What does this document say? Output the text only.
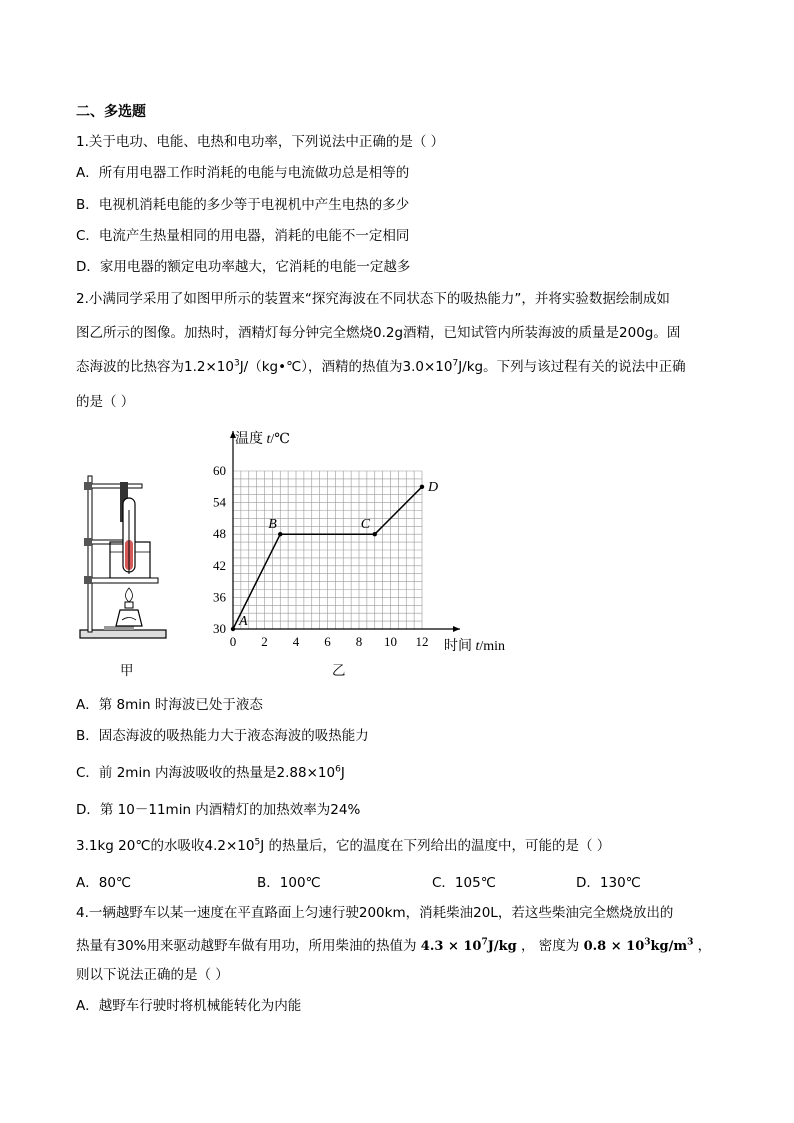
二、多选题
1.关于电功、电能、电热和电功率，下列说法中正确的是（ ）
A．所有用电器工作时消耗的电能与电流做功总是相等的
B．电视机消耗电能的多少等于电视机中产生电热的多少
C．电流产生热量相同的用电器，消耗的电能不一定相同
D．家用电器的额定电功率越大，它消耗的电能一定越多
2.小满同学采用了如图甲所示的装置来“探究海波在不同状态下的吸热能力”，并将实验数据绘制成如
图乙所示的图像。加热时，酒精灯每分钟完全燃烧0.2g酒精，已知试管内所装海波的质量是200g。固
态海波的比热容为$1.2\times 10^3J/(kg•℃)$，酒精的热值为$3.0\times 10^7J/kg$。下列与该过程有关的说法中正确
的是（ ）
甲
0 2 4 6 8 10 12
36
42
48
54
60
30
温度 t/℃
时间 t/min
A
B	C
D
乙
A．第 8min 时海波已处于液态
B．固态海波的吸热能力大于液态海波的吸热能力
C．前 2min 内海波吸收的热量是$2.88\times 10^6J$
D．第 10－11min 内酒精灯的加热效率为24%
3.1kg 20℃的水吸收$4.2\times 10^5J$ 的热量后，它的温度在下列给出的温度中，可能的是（ ）
A．80℃	B．100℃	C．105℃	D．130℃
4.一辆越野车以某一速度在平直路面上匀速行驶200km，消耗柴油20L，若这些柴油完全燃烧放出的
热量有30%用来驱动越野车做有用功，所用柴油的热值为 $4.3 \times 10^7J/kg$ ， 密度为 $0.8 \times 10^3kg/m^3$ ，
则以下说法正确的是（ ）
A．越野车行驶时将机械能转化为内能
